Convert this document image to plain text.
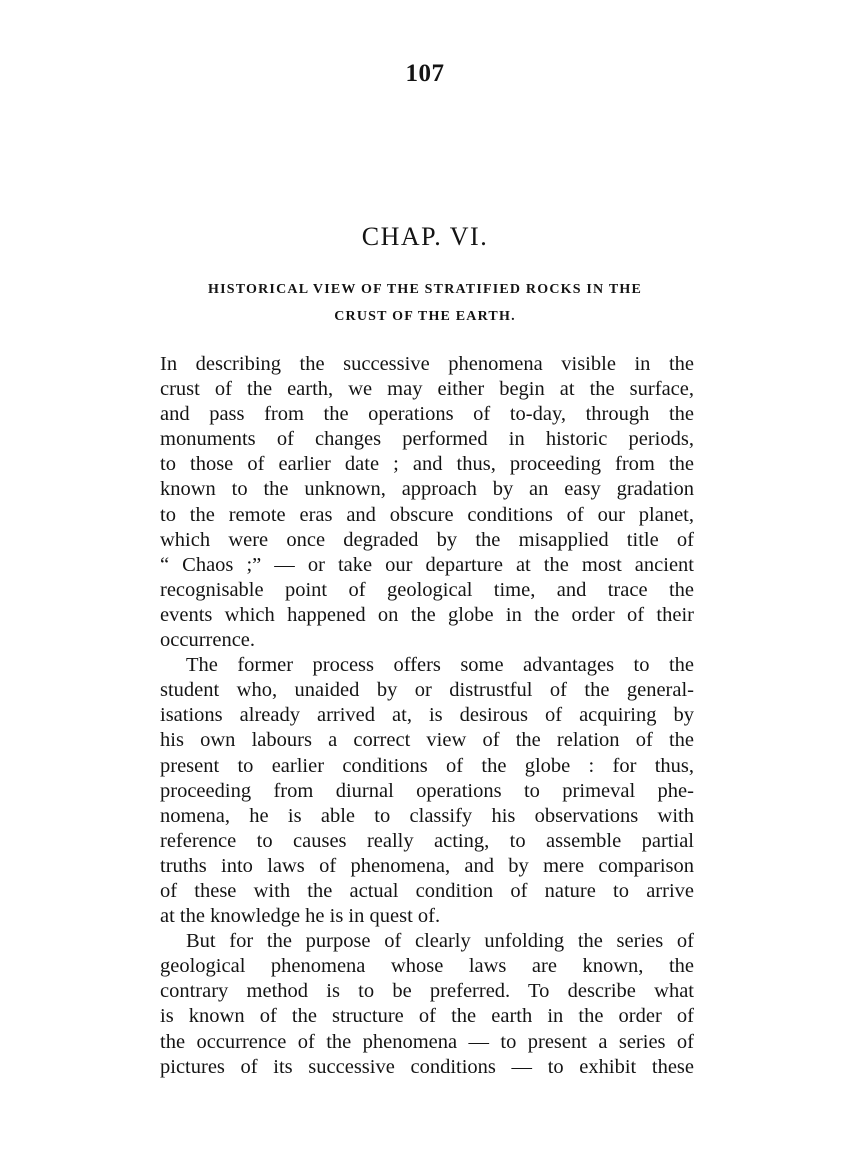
107
CHAP. VI.
HISTORICAL VIEW OF THE STRATIFIED ROCKS IN THE
CRUST OF THE EARTH.
In describing the successive phenomena visible in the
crust of the earth, we may either begin at the surface,
and pass from the operations of to-day, through the
monuments of changes performed in historic periods,
to those of earlier date ; and thus, proceeding from the
known to the unknown, approach by an easy gradation
to the remote eras and obscure conditions of our planet,
which were once degraded by the misapplied title of
“ Chaos ;” — or take our departure at the most ancient
recognisable point of geological time, and trace the
events which happened on the globe in the order of their
occurrence.
The former process offers some advantages to the
student who, unaided by or distrustful of the general-
isations already arrived at, is desirous of acquiring by
his own labours a correct view of the relation of the
present to earlier conditions of the globe : for thus,
proceeding from diurnal operations to primeval phe-
nomena, he is able to classify his observations with
reference to causes really acting, to assemble partial
truths into laws of phenomena, and by mere comparison
of these with the actual condition of nature to arrive
at the knowledge he is in quest of.
But for the purpose of clearly unfolding the series of
geological phenomena whose laws are known, the
contrary method is to be preferred. To describe what
is known of the structure of the earth in the order of
the occurrence of the phenomena — to present a series of
pictures of its successive conditions — to exhibit these
